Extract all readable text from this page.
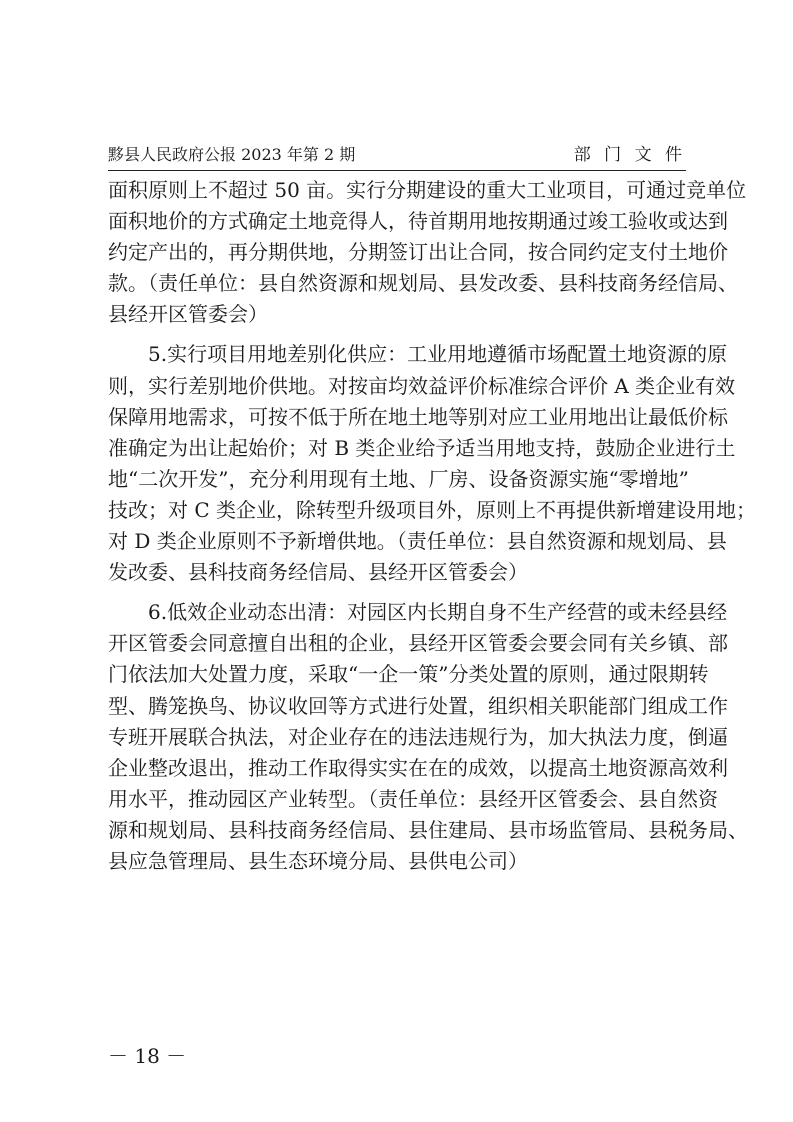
黟县人民政府公报 2023 年第 2 期	部 门 文 件
面积原则上不超过 50 亩。实行分期建设的重大工业项目，可通过竞单位
面积地价的方式确定土地竞得人，待首期用地按期通过竣工验收或达到
约定产出的，再分期供地，分期签订出让合同，按合同约定支付土地价
款。（责任单位：县自然资源和规划局、县发改委、县科技商务经信局、
县经开区管委会）
5.实行项目用地差别化供应：工业用地遵循市场配置土地资源的原
则，实行差别地价供地。对按亩均效益评价标准综合评价 A 类企业有效
保障用地需求，可按不低于所在地土地等别对应工业用地出让最低价标
准确定为出让起始价；对 B 类企业给予适当用地支持，鼓励企业进行土
地“二次开发”，充分利用现有土地、厂房、设备资源实施“零增地”
技改；对 C 类企业，除转型升级项目外，原则上不再提供新增建设用地；
对 D 类企业原则不予新增供地。（责任单位：县自然资源和规划局、县
发改委、县科技商务经信局、县经开区管委会）
6.低效企业动态出清：对园区内长期自身不生产经营的或未经县经
开区管委会同意擅自出租的企业，县经开区管委会要会同有关乡镇、部
门依法加大处置力度，采取“一企一策”分类处置的原则，通过限期转
型、腾笼换鸟、协议收回等方式进行处置，组织相关职能部门组成工作
专班开展联合执法，对企业存在的违法违规行为，加大执法力度，倒逼
企业整改退出，推动工作取得实实在在的成效，以提高土地资源高效利
用水平，推动园区产业转型。（责任单位：县经开区管委会、县自然资
源和规划局、县科技商务经信局、县住建局、县市场监管局、县税务局、
县应急管理局、县生态环境分局、县供电公司）
－ 18 －
